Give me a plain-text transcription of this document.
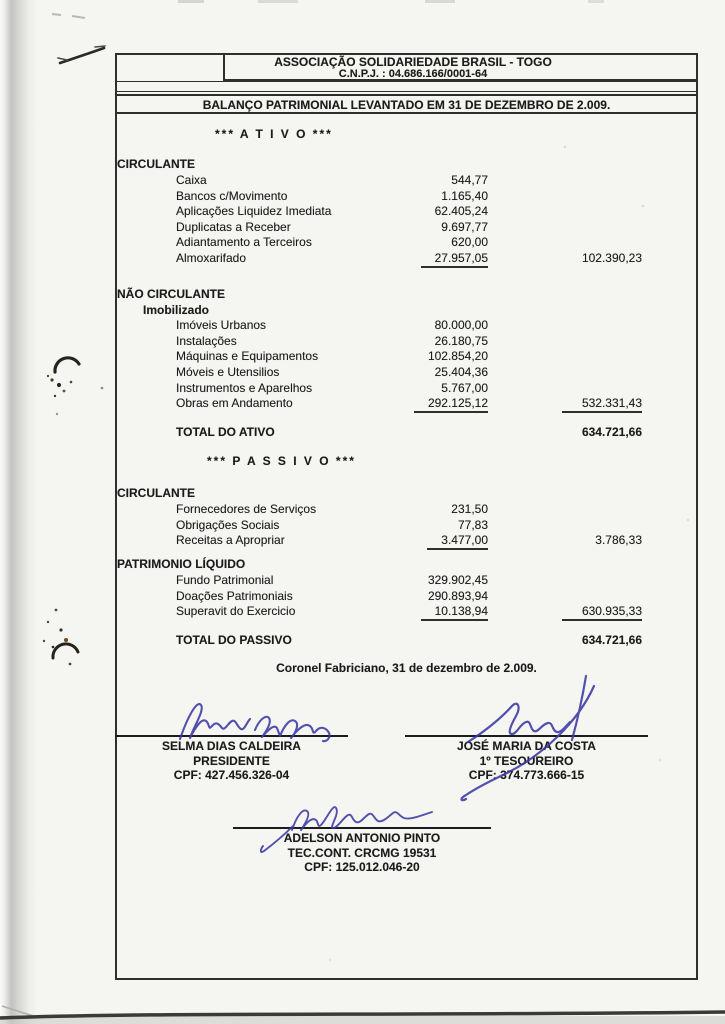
ASSOCIAÇÃO SOLIDARIEDADE BRASIL - TOGO
C.N.P.J. : 04.686.166/0001-64
BALANÇO PATRIMONIAL LEVANTADO EM 31 DE DEZEMBRO DE 2.009.
*** A T I V O ***
CIRCULANTE
Caixa	544,77
Bancos c/Movimento	1.165,40
Aplicações Liquidez Imediata	62.405,24
Duplicatas a Receber	9.697,77
Adiantamento a Terceiros	620,00
Almoxarifado	27.957,05	102.390,23
NÃO CIRCULANTE
Imobilizado
Imóveis Urbanos	80.000,00
Instalações	26.180,75
Máquinas e Equipamentos	102.854,20
Móveis e Utensilios	25.404,36
Instrumentos e Aparelhos	5.767,00
Obras em Andamento	292.125,12	532.331,43
TOTAL DO ATIVO	634.721,66
*** P A S S I V O ***
CIRCULANTE
Fornecedores de Serviços	231,50
Obrigações Sociais	77,83
Receitas a Apropriar	3.477,00	3.786,33
PATRIMONIO LÍQUIDO
Fundo Patrimonial	329.902,45
Doações Patrimoniais	290.893,94
Superavit do Exercicio	10.138,94	630.935,33
TOTAL DO PASSIVO	634.721,66
Coronel Fabriciano, 31 de dezembro de 2.009.
SELMA DIAS CALDEIRA
PRESIDENTE
CPF: 427.456.326-04
JOSÉ MARIA DA COSTA
1º TESOUREIRO
CPF: 374.773.666-15
ADELSON ANTONIO PINTO
TEC.CONT. CRCMG 19531
CPF: 125.012.046-20
